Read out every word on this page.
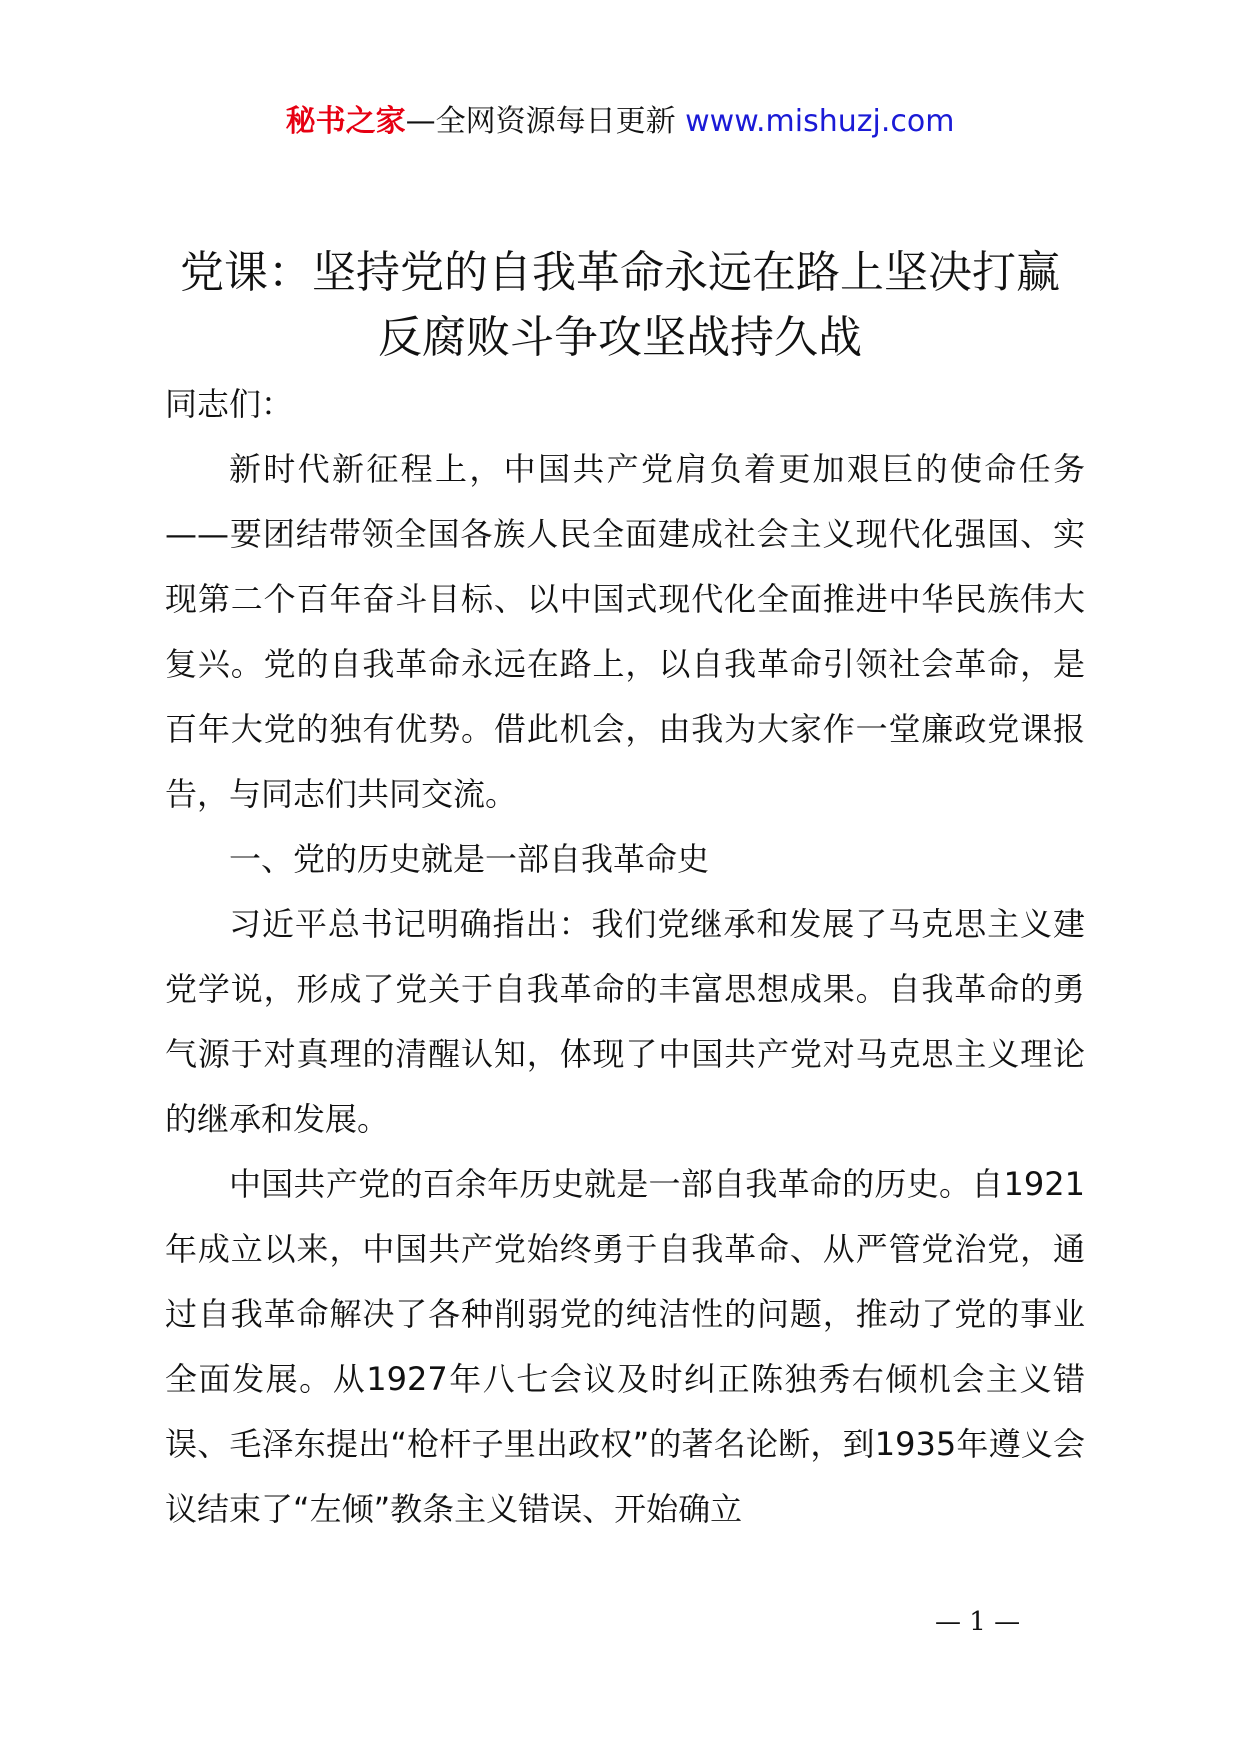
秘书之家—全网资源每日更新 www.mishuzj.com
党课：坚持党的自我革命永远在路上坚决打赢
反腐败斗争攻坚战持久战

同志们：

新时代新征程上，中国共产党肩负着更加艰巨的使命任务——要团结带领全国各族人民全面建成社会主义现代化强国、实现第二个百年奋斗目标、以中国式现代化全面推进中华民族伟大复兴。党的自我革命永远在路上，以自我革命引领社会革命，是百年大党的独有优势。借此机会，由我为大家作一堂廉政党课报告，与同志们共同交流。

一、党的历史就是一部自我革命史

习近平总书记明确指出：我们党继承和发展了马克思主义建党学说，形成了党关于自我革命的丰富思想成果。自我革命的勇气源于对真理的清醒认知，体现了中国共产党对马克思主义理论的继承和发展。

中国共产党的百余年历史就是一部自我革命的历史。自1921年成立以来，中国共产党始终勇于自我革命、从严管党治党，通过自我革命解决了各种削弱党的纯洁性的问题，推动了党的事业全面发展。从1927年八七会议及时纠正陈独秀右倾机会主义错误、毛泽东提出“枪杆子里出政权”的著名论断，到1935年遵义会议结束了“左倾”教条主义错误、开始确立

— 1 —
